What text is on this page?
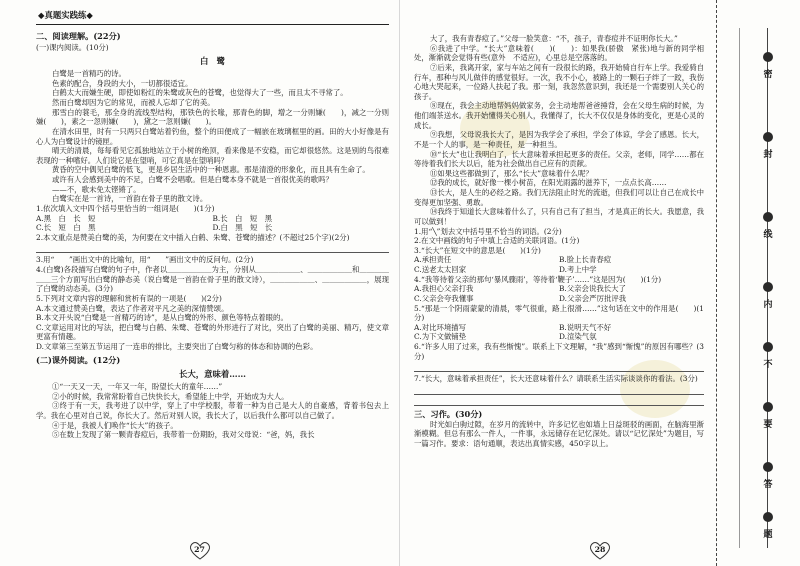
◆真题实践练◆
二、阅读理解。(22分)
(一)课内阅读。(10分)
白　鹭
白鹭是一首精巧的诗。
色素的配合，身段的大小，一切都很适宜。
白鹤太大而嫌生硬，即使如粉红的朱鹭或灰色的苍鹭，也觉得大了一些，而且太不寻常了。
然而白鹭却因为它的常见，而被人忘却了它的美。
那雪白的蓑毛，那全身的流线型结构，那铁色的长喙，那青色的脚，增之一分则嫌(　　)，减之一分则嫌(　　)，素之一忽则嫌(　　)，黛之一忽则嫌(　　)。
在清水田里，时有一只两只白鹭站着钓鱼，整个的田便成了一幅嵌在玻璃框里的画。田的大小好像是有心人为白鹭设计的镜匣。
晴天的清晨，每每看见它孤独地站立于小树的绝顶，看来像是不安稳，而它却很悠然。这是别的鸟很难表现的一种嗜好。人们说它是在望哨，可它真是在望哨吗？
黄昏的空中偶见白鹭的低飞，更是乡居生活中的一种恩惠。那是清澄的形象化，而且具有生命了。
或许有人会感到美中的不足，白鹭不会唱歌。但是白鹭本身不就是一首很优美的歌吗？
——不，歌未免太铿锵了。
白鹭实在是一首诗，一首韵在骨子里的散文诗。
1.依次填入文中四个括号里恰当的一组词是(　　)(1分)
A.黑　白　长　短	B.长　白　短　黑
C.长　短　白　黑	D.白　黑　短　长
2.本文重点是赞美白鹭的美，为何要在文中插入白鹤、朱鹭、苍鹭的描述？(不超过25个字)(2分)
3.用“　　”画出文中的比喻句，用“　　”画出文中的反问句。(2分)
4.(白鹭)各段描写白鹭的句子中，作者以＿＿＿＿＿＿为主，分别从＿＿＿＿＿＿、＿＿＿＿＿＿和＿＿＿＿＿＿三个方面写出白鹭的静态美（说白鹭是一首韵在骨子里的散文诗），＿＿＿＿＿＿、＿＿＿＿＿＿，展现了白鹭的动态美。(3分)
5.下列对文章内容的理解和赏析有误的一项是(　　)(2分)
A.本文通过赞美白鹭，表达了作者对平凡之美的深情赞颂。
B.本文开头说“白鹭是一首精巧的诗”，是从白鹭的外形、颜色等特点着眼的。
C.文章运用对比的写法，把白鹭与白鹤、朱鹭、苍鹭的外形进行了对比，突出了白鹭的美丽、精巧，使文章更富有情趣。
D.文章第三至第五节运用了一连串的排比，主要突出了白鹭匀称的体态和协调的色彩。
(二)课外阅读。(12分)
长大，意味着……
①“一天又一天，一年又一年，盼望长大的童年……”
②小的时候，我常常盼着自己快快长大，希望能上中学，开始成为大人。
③终于有一天，我考进了以中学，穿上了中学校服，带着一种为自己是大人的自豪感，背着书包去上学。我在心里对自己说，你长大了。然后对别人说，我长大了，以后我什么都可以自己做了。
④于是，我被人们唤作“长大”的孩子。
⑤在数上发现了第一颗青春痘后，我带着一份期盼，我对父母说：“爸，妈，我长
27
大了，我有青春痘了。”父母一脸笑意：“不，孩子，青春痘并不证明你长大。”
⑥我进了中学。“长大”意味着(　　)(　　)：如果我(骄傲　紧张)地与新的同学相处，渐渐就会觉得有些(意外　不适应)，心里总是空落落的。
⑦后来，我离开家，家与车站之间有一段很长的路，我开始骑自行车上学。我爱骑自行车，那种与风儿做伴的感觉很好。一次，我不小心，被路上的一颗石子绊了一跤，我伤心地大哭起来，一位路人扶起了我。那一刻，我忽然意识到，我还是一个需要别人关心的孩子。
⑧现在，我会主动地帮妈妈做家务，会主动地帮爸爸捶背，会在父母生病的时候，为他们端茶送水。我开始懂得关心别人，我懂得了，长大不仅仅是身体的变化，更是心灵的成长。
⑨我想，父母说我长大了，是因为我学会了承担，学会了体谅，学会了感恩。长大，不是一个人的事，是一种责任，是一种担当。
⑩“长大”也让我明白了，长大意味着承担起更多的责任。父亲，老师，同学……都在等待着我们长大以后，能为社会做出自己应有的贡献。
⑪如果这些都做到了，那么“长大”意味着什么呢？
⑫我的成长，就好像一棵小树苗，在阳光雨露的滋养下，一点点长高……
⑬长大，是人生的必经之路。我们无法阻止时光的流逝，但我们可以让自己在成长中变得更加坚强、勇敢。
⑭我终于知道长大意味着什么了，只有自己有了担当，才是真正的长大。我愿意，我可以做到！
1.用“╲”划去文中括号里不恰当的词语。(2分)
2.在文中画线的句子中填上合适的关联词语。(1分)
3.“长大”在短文中的意思是(　　)(1分)
A.承担责任	B.脸上长青春痘
C.送老太太回家	D.考上中学
4.“我等待着父亲的那句‘暴风骤雨’，等待着‘鞭子’……”这是因为(　　)(1分)
A.我担心父亲打我	B.父亲会说我长大了
C.父亲会夸我懂事	D.父亲会严厉批评我
5.“那是一个阴雨蒙蒙的清晨，零气很重，路上很滑……”这句话在文中的作用是(　　)(1分)
A.对比环境描写	B.说明天气不好
C.为下文做铺垫	D.渲染气氛
6.“许多人用了过来，我有些惭愧”。联系上下文理解，“我”感到“惭愧”的原因有哪些？(3分)
7.“长大，意味着承担责任”，长大还意味着什么？请联系生活实际谈谈你的看法。(3分)
三、习作。(30分)
时光如白驹过隙，在岁月的流转中，许多记忆也如墙上日益斑驳的画面，在脑海里渐渐模糊。但总有那么一件人，一件事，永远储存在记忆深处。请以“记忆深处”为题目，写一篇习作。要求：语句通顺，表达出真情实感，450字以上。
28
密
封
线
内
不
要
答
题
